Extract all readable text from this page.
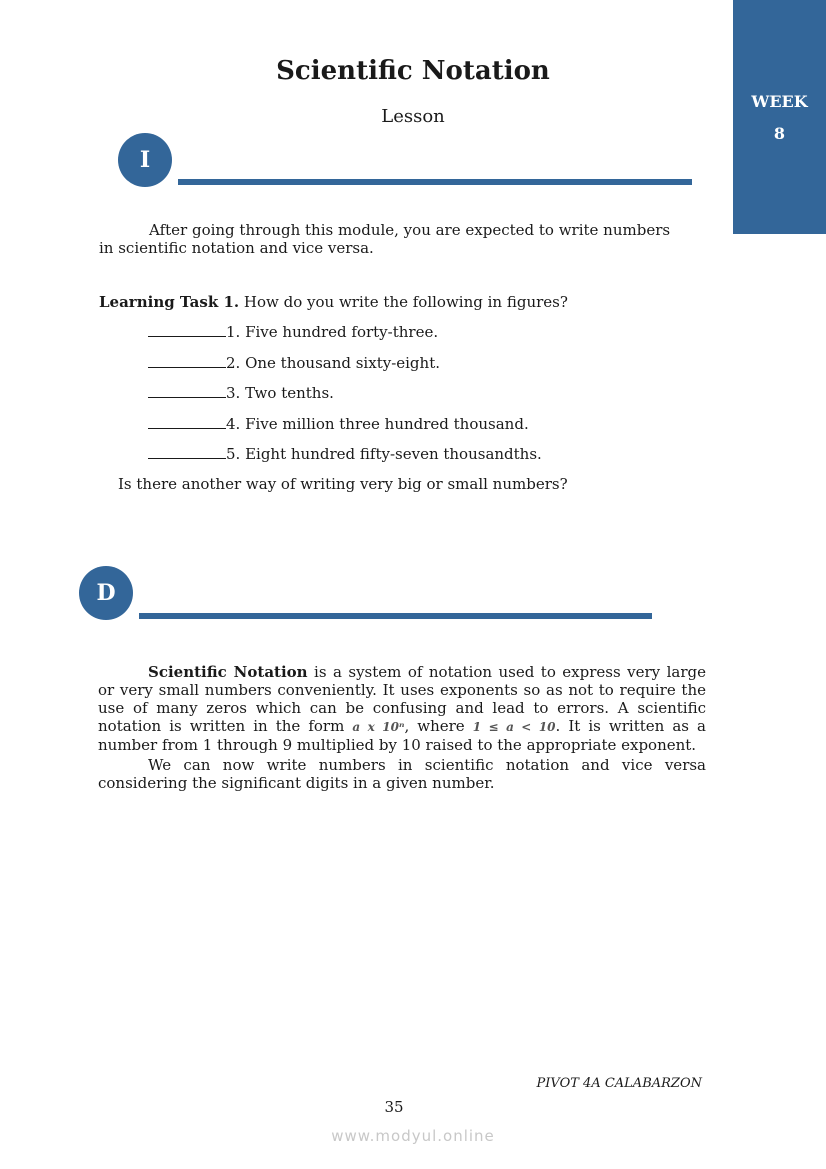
WEEK
8
Scientific Notation
Lesson
I

After going through this module, you are expected to write numbers in scientific notation and vice versa.

Learning Task 1. How do you write the following in figures?
1. Five hundred forty-three.
2. One thousand sixty-eight.
3. Two tenths.
4. Five million three hundred thousand.
5. Eight hundred fifty-seven thousandths.
Is there another way of writing very big or small numbers?
D

Scientific Notation is a system of notation used to express very large or very small numbers conveniently. It uses exponents so as not to require the use of many zeros which can be confusing and lead to errors. A scientific notation is written in the form a x 10ⁿ, where 1 ≤ a < 10. It is written as a number from 1 through 9 multiplied by 10 raised to the appropriate exponent.

We can now write numbers in scientific notation and vice versa considering the significant digits in a given number.

PIVOT 4A CALABARZON
35
www.modyul.online
